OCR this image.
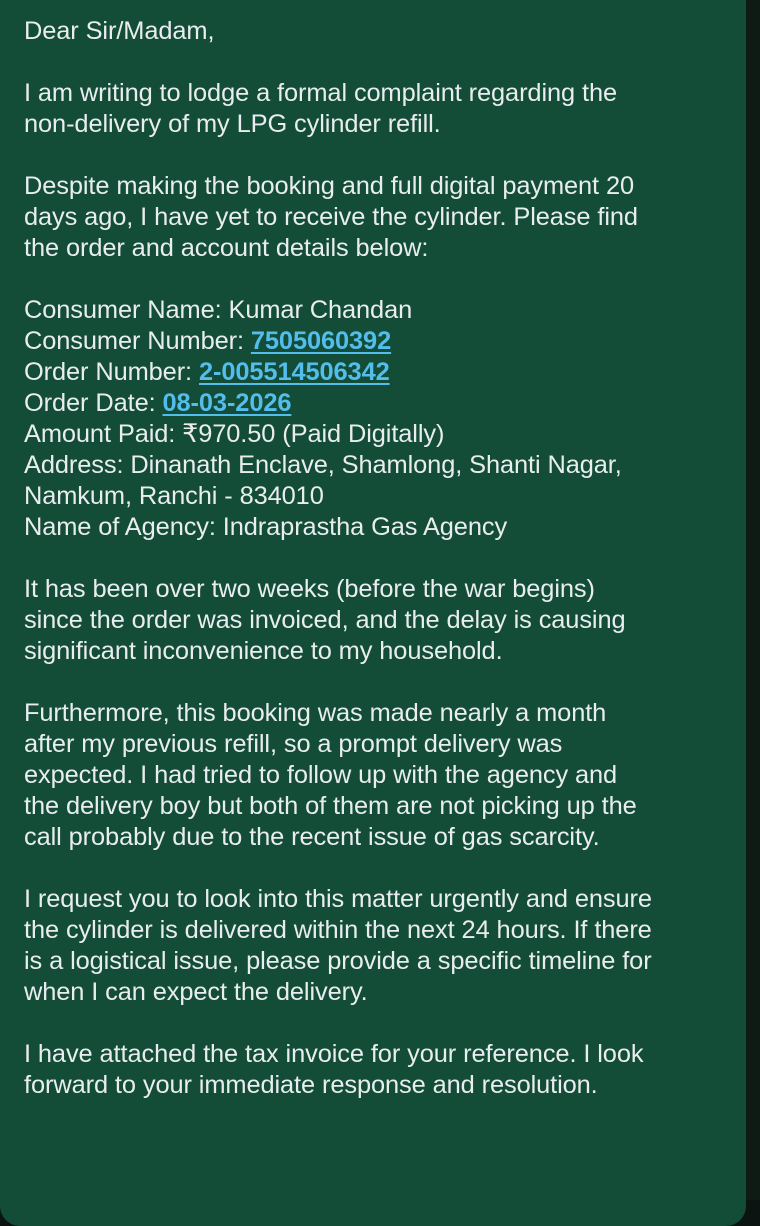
Dear Sir/Madam,

I am writing to lodge a formal complaint regarding the
non-delivery of my LPG cylinder refill.

Despite making the booking and full digital payment 20
days ago, I have yet to receive the cylinder. Please find
the order and account details below:

Consumer Name: Kumar Chandan
Consumer Number: 7505060392
Order Number: 2-005514506342
Order Date: 08-03-2026
Amount Paid: ₹970.50 (Paid Digitally)
Address: Dinanath Enclave, Shamlong, Shanti Nagar,
Namkum, Ranchi - 834010
Name of Agency: Indraprastha Gas Agency

It has been over two weeks (before the war begins)
since the order was invoiced, and the delay is causing
significant inconvenience to my household.

Furthermore, this booking was made nearly a month
after my previous refill, so a prompt delivery was
expected. I had tried to follow up with the agency and
the delivery boy but both of them are not picking up the
call probably due to the recent issue of gas scarcity.

I request you to look into this matter urgently and ensure
the cylinder is delivered within the next 24 hours. If there
is a logistical issue, please provide a specific timeline for
when I can expect the delivery.

I have attached the tax invoice for your reference. I look
forward to your immediate response and resolution.
